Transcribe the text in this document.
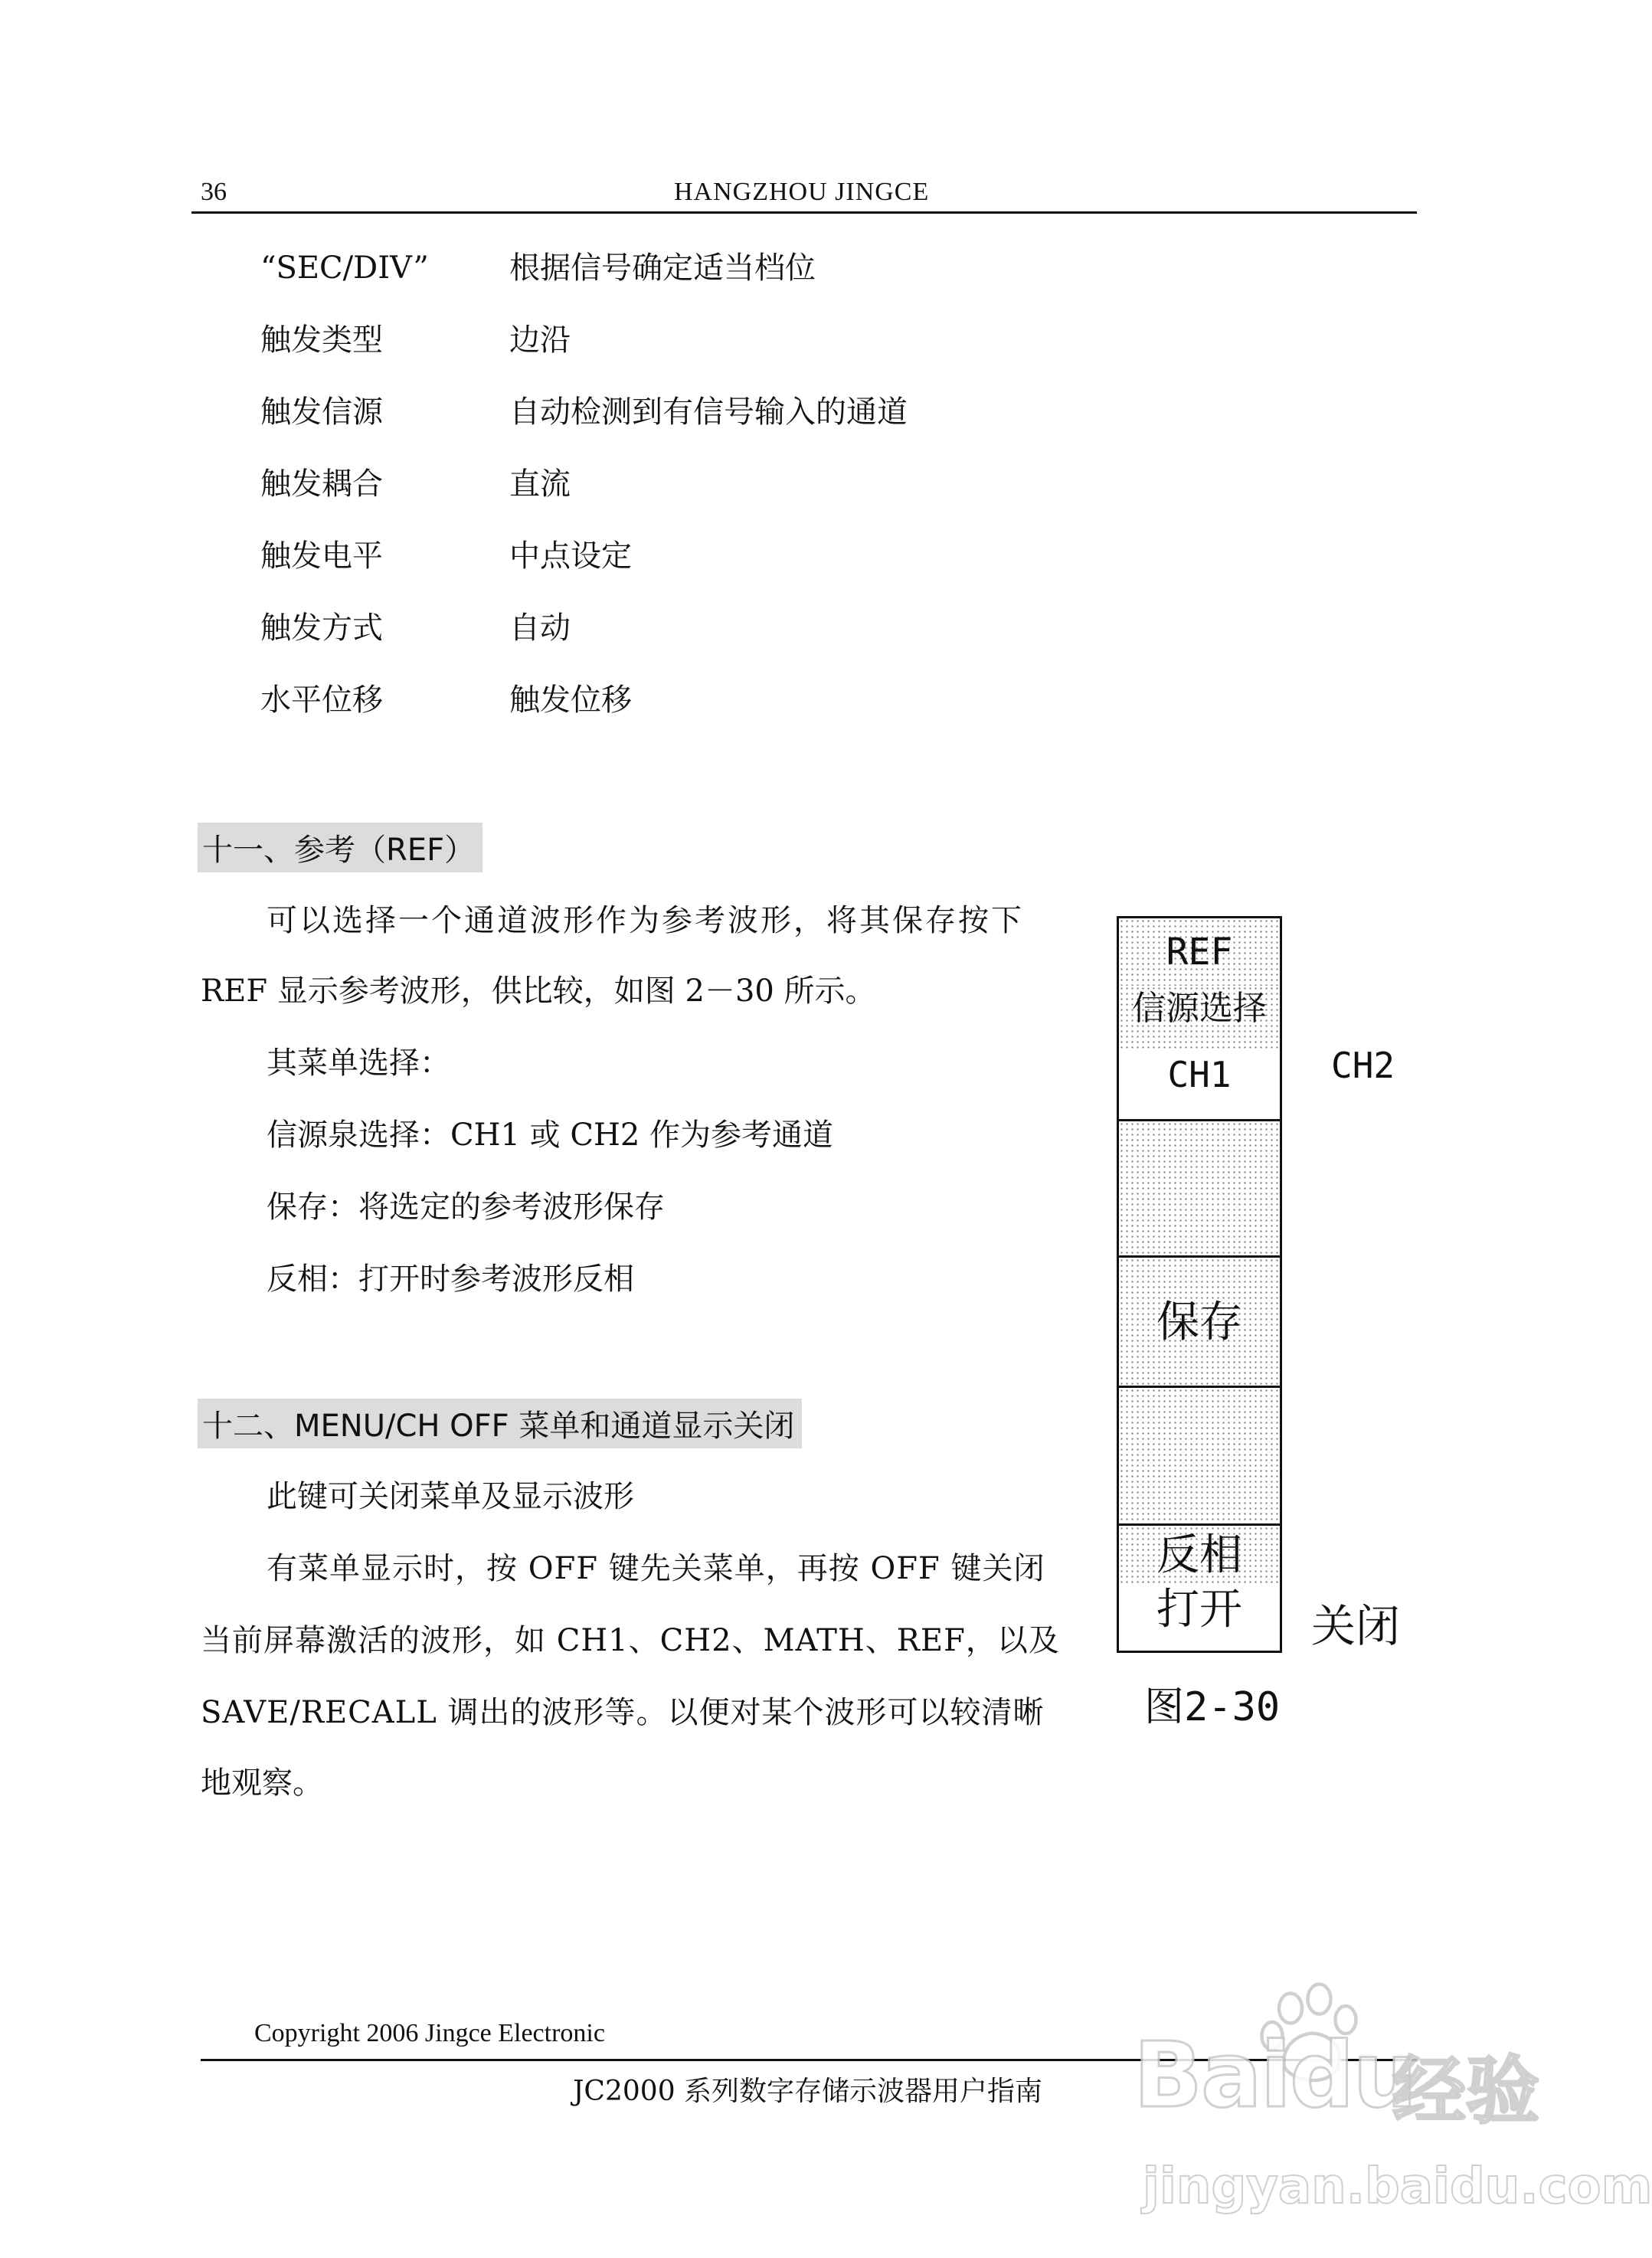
36	HANGZHOU JINGCE
“SEC/DIV”	根据信号确定适当档位
触发类型	边沿
触发信源	自动检测到有信号输入的通道
触发耦合	直流
触发电平	中点设定
触发方式	自动
水平位移	触发位移
十一、参考（REF）
可以选择一个通道波形作为参考波形，将其保存按下
REF 显示参考波形，供比较，如图 2－30 所示。
其菜单选择：
信源泉选择：CH1 或 CH2 作为参考通道
保存：将选定的参考波形保存
反相：打开时参考波形反相
十二、MENU/CH OFF 菜单和通道显示关闭
此键可关闭菜单及显示波形
有菜单显示时，按 OFF 键先关菜单，再按 OFF 键关闭
当前屏幕激活的波形，如 CH1、CH2、MATH、REF，以及
SAVE/RECALL 调出的波形等。以便对某个波形可以较清晰
地观察。
REF
信源选择
CH1
保存
反相
打开
CH2
关闭
图2-30
Copyright 2006 Jingce Electronic
JC2000 系列数字存储示波器用户指南 Baidu
经验
jingyan.baidu.com
